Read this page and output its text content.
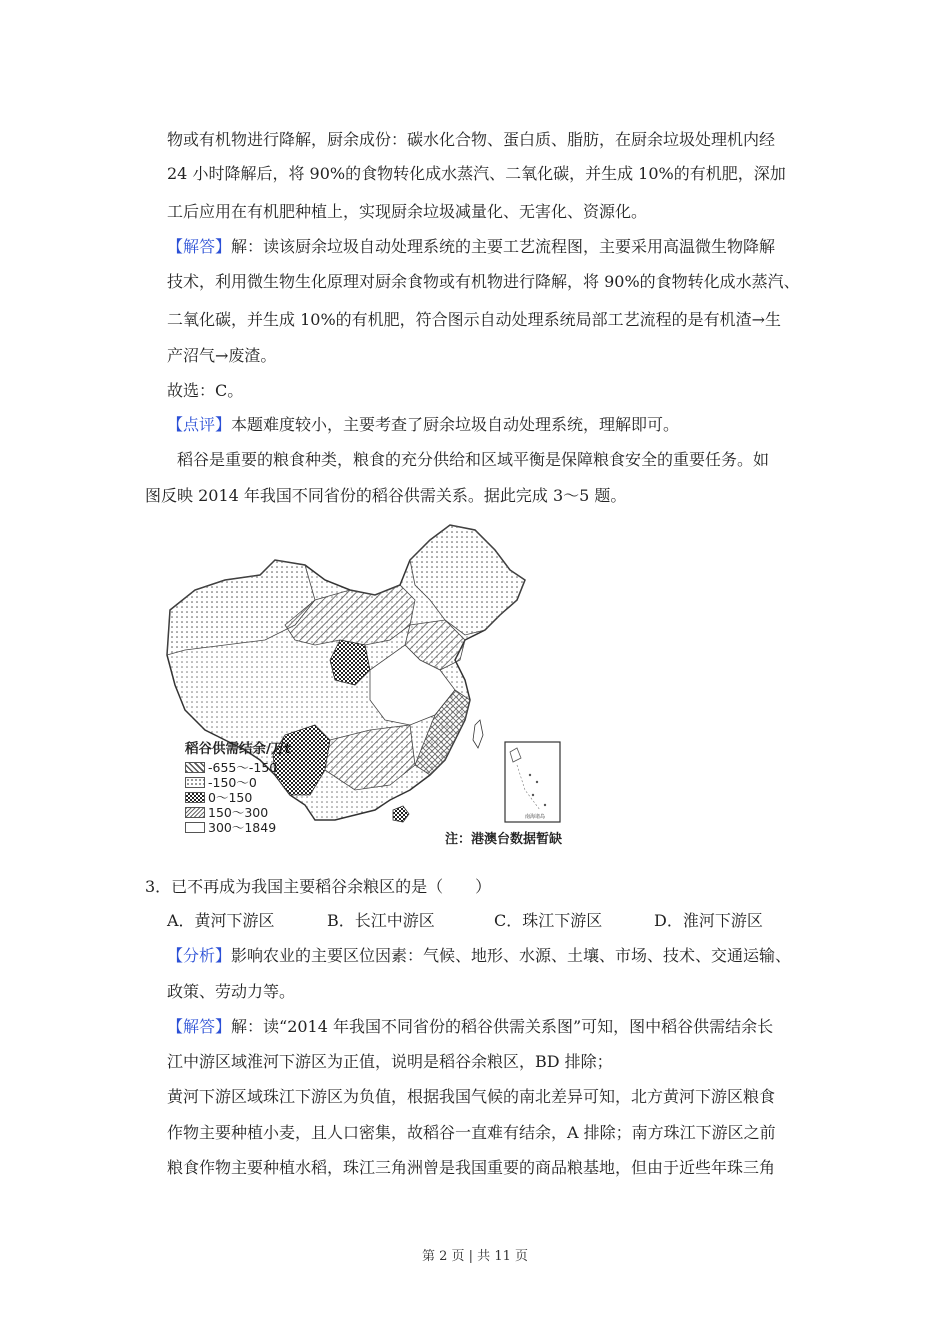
物或有机物进行降解，厨余成份：碳水化合物、蛋白质、脂肪，在厨余垃圾处理机内经
24 小时降解后，将 90%的食物转化成水蒸汽、二氧化碳，并生成 10%的有机肥，深加
工后应用在有机肥种植上，实现厨余垃圾减量化、无害化、资源化。
【解答】解：读该厨余垃圾自动处理系统的主要工艺流程图，主要采用高温微生物降解
技术，利用微生物生化原理对厨余食物或有机物进行降解，将 90%的食物转化成水蒸汽、
二氧化碳，并生成 10%的有机肥，符合图示自动处理系统局部工艺流程的是有机渣→生
产沼气→废渣。
故选：C。
【点评】本题难度较小，主要考查了厨余垃圾自动处理系统，理解即可。
稻谷是重要的粮食种类，粮食的充分供给和区域平衡是保障粮食安全的重要任务。如
图反映 2014 年我国不同省份的稻谷供需关系。据此完成 3～5 题。
南海诸岛
稻谷供需结余/万t
-655～-150
-150～0
0～150
150～300
300～1849
注：港澳台数据暂缺
3．已不再成为我国主要稻谷余粮区的是（　　）
A．黄河下游区	B．长江中游区	C．珠江下游区	D．淮河下游区
【分析】影响农业的主要区位因素：气候、地形、水源、土壤、市场、技术、交通运输、
政策、劳动力等。
【解答】解：读“2014 年我国不同省份的稻谷供需关系图”可知，图中稻谷供需结余长
江中游区域淮河下游区为正值，说明是稻谷余粮区，BD 排除；
黄河下游区域珠江下游区为负值，根据我国气候的南北差异可知，北方黄河下游区粮食
作物主要种植小麦，且人口密集，故稻谷一直难有结余，A 排除；南方珠江下游区之前
粮食作物主要种植水稻，珠江三角洲曾是我国重要的商品粮基地，但由于近些年珠三角
第 2 页 | 共 11 页
